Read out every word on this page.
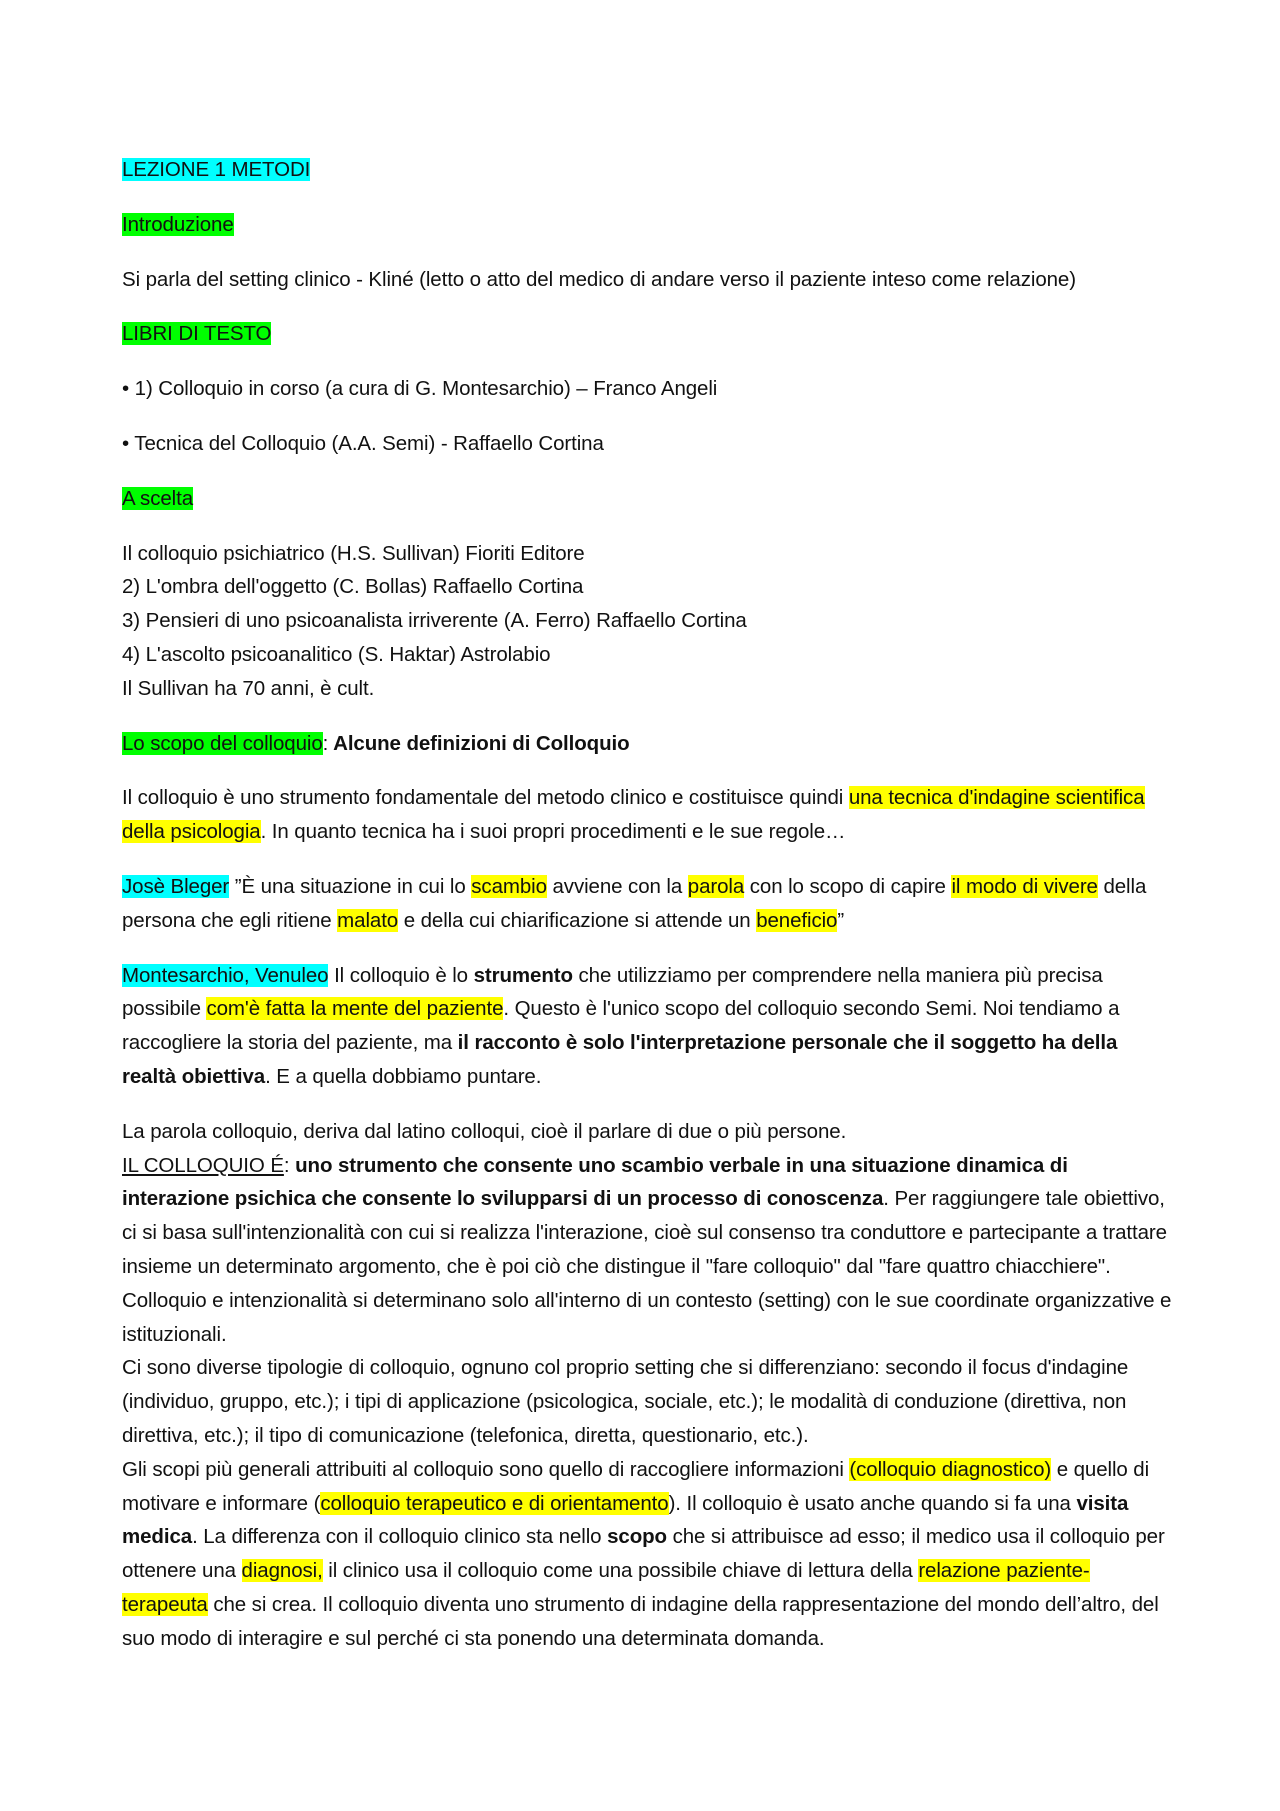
LEZIONE 1 METODI

Introduzione

Si parla del setting clinico - Kliné (letto o atto del medico di andare verso il paziente inteso come relazione)

LIBRI DI TESTO

• 1) Colloquio in corso (a cura di G. Montesarchio) – Franco Angeli

• Tecnica del Colloquio (A.A. Semi) - Raffaello Cortina

A scelta

Il colloquio psichiatrico (H.S. Sullivan) Fioriti Editore
2) L'ombra dell'oggetto (C. Bollas) Raffaello Cortina
3) Pensieri di uno psicoanalista irriverente (A. Ferro) Raffaello Cortina
4) L'ascolto psicoanalitico (S. Haktar) Astrolabio
Il Sullivan ha 70 anni, è cult.

Lo scopo del colloquio: Alcune definizioni di Colloquio

Il colloquio è uno strumento fondamentale del metodo clinico e costituisce quindi una tecnica d'indagine scientifica della psicologia. In quanto tecnica ha i suoi propri procedimenti e le sue regole…

Josè Bleger ”È una situazione in cui lo scambio avviene con la parola con lo scopo di capire il modo di vivere della persona che egli ritiene malato e della cui chiarificazione si attende un beneficio”

Montesarchio, Venuleo Il colloquio è lo strumento che utilizziamo per comprendere nella maniera più precisa possibile com'è fatta la mente del paziente. Questo è l'unico scopo del colloquio secondo Semi. Noi tendiamo a raccogliere la storia del paziente, ma il racconto è solo l'interpretazione personale che il soggetto ha della realtà obiettiva. E a quella dobbiamo puntare.

La parola colloquio, deriva dal latino colloqui, cioè il parlare di due o più persone.
IL COLLOQUIO É: uno strumento che consente uno scambio verbale in una situazione dinamica di interazione psichica che consente lo svilupparsi di un processo di conoscenza. Per raggiungere tale obiettivo, ci si basa sull'intenzionalità con cui si realizza l'interazione, cioè sul consenso tra conduttore e partecipante a trattare insieme un determinato argomento, che è poi ciò che distingue il "fare colloquio" dal "fare quattro chiacchiere". Colloquio e intenzionalità si determinano solo all'interno di un contesto (setting) con le sue coordinate organizzative e istituzionali.
Ci sono diverse tipologie di colloquio, ognuno col proprio setting che si differenziano: secondo il focus d'indagine (individuo, gruppo, etc.); i tipi di applicazione (psicologica, sociale, etc.); le modalità di conduzione (direttiva, non direttiva, etc.); il tipo di comunicazione (telefonica, diretta, questionario, etc.).
Gli scopi più generali attribuiti al colloquio sono quello di raccogliere informazioni (colloquio diagnostico) e quello di motivare e informare (colloquio terapeutico e di orientamento). Il colloquio è usato anche quando si fa una visita medica. La differenza con il colloquio clinico sta nello scopo che si attribuisce ad esso; il medico usa il colloquio per ottenere una diagnosi, il clinico usa il colloquio come una possibile chiave di lettura della relazione paziente-terapeuta che si crea. Il colloquio diventa uno strumento di indagine della rappresentazione del mondo dell’altro, del suo modo di interagire e sul perché ci sta ponendo una determinata domanda.
